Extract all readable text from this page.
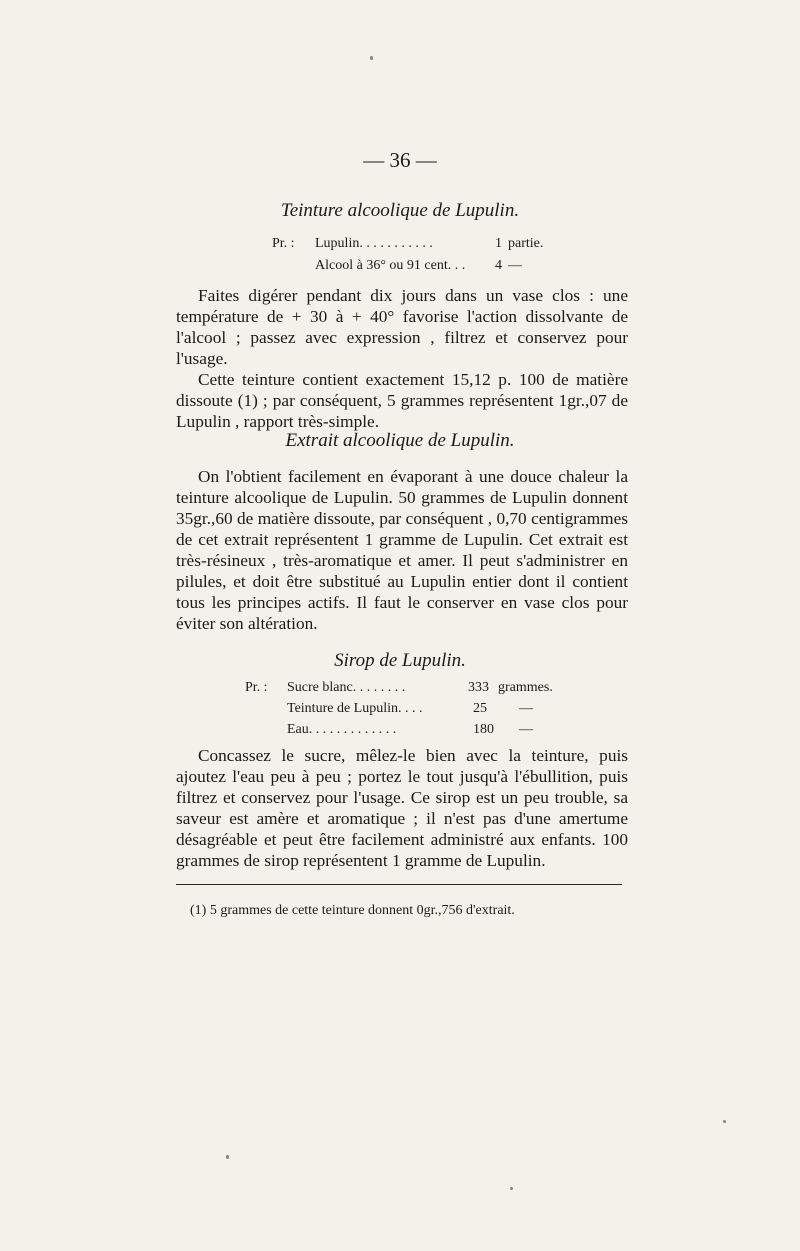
— 36 —
Teinture alcoolique de Lupulin.
Pr. : Lupulin. . . . . . . . . . .	1 partie.
Alcool à 36° ou 91 cent. . . 4 —

Faites digérer pendant dix jours dans un vase clos : une température de + 30 à + 40° favorise l'action dissolvante de l'alcool ; passez avec expression , filtrez et conservez pour l'usage.

Cette teinture contient exactement 15,12 p. 100 de matière dissoute (1) ; par conséquent, 5 grammes représentent 1gr.,07 de Lupulin , rapport très-simple.

Extrait alcoolique de Lupulin.

On l'obtient facilement en évaporant à une douce chaleur la teinture alcoolique de Lupulin. 50 grammes de Lupulin donnent 35gr.,60 de matière dissoute, par conséquent , 0,70 centigrammes de cet extrait représentent 1 gramme de Lupulin. Cet extrait est très-résineux , très-aromatique et amer. Il peut s'administrer en pilules, et doit être substitué au Lupulin entier dont il contient tous les principes actifs. Il faut le conserver en vase clos pour éviter son altération.

Sirop de Lupulin.
Pr. : Sucre blanc. . . . . . . .	333 grammes.
Teinture de Lupulin. . . .	25 —
Eau. . . . . . . . . . . . .	180 —

Concassez le sucre, mêlez-le bien avec la teinture, puis ajoutez l'eau peu à peu ; portez le tout jusqu'à l'ébullition, puis filtrez et conservez pour l'usage. Ce sirop est un peu trouble, sa saveur est amère et aromatique ; il n'est pas d'une amertume désagréable et peut être facilement administré aux enfants. 100 grammes de sirop représentent 1 gramme de Lupulin.

(1) 5 grammes de cette teinture donnent 0gr.,756 d'extrait.
